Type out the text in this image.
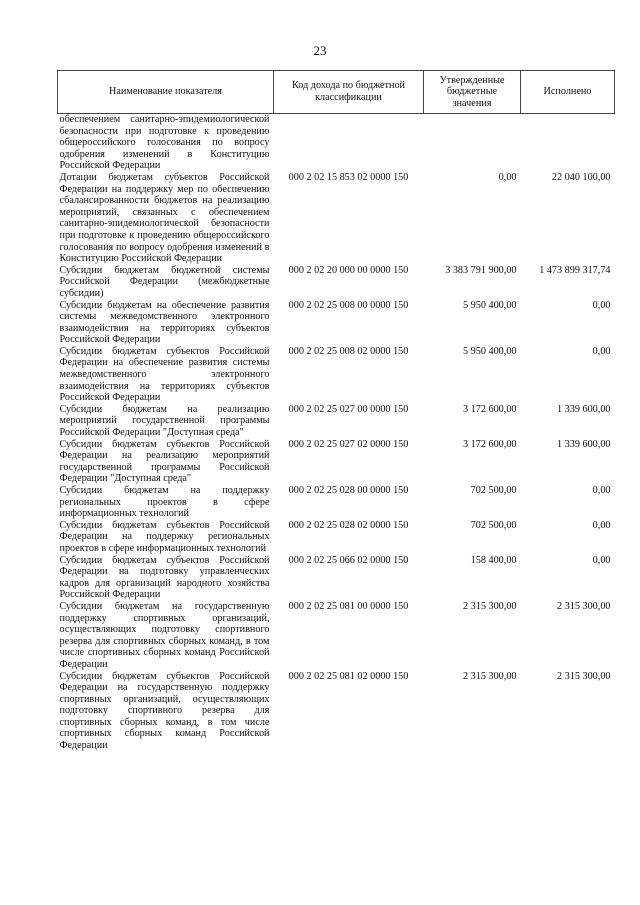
23
Наименование показателя	Код дохода по бюджетной классификации	Утвержденные бюджетные значения	Исполнено
обеспечением санитарно-эпидемиологической безопасности при подготовке к проведению общероссийского голосования по вопросу одобрения изменений в Конституцию Российской Федерации			
Дотации бюджетам субъектов Российской Федерации на поддержку мер по обеспечению сбалансированности бюджетов на реализацию мероприятий, связанных с обеспечением санитарно-эпидемиологической безопасности при подготовке к проведению общероссийского голосования по вопросу одобрения изменений в Конституцию Российской Федерации	000 2 02 15 853 02 0000 150	0,00	22 040 100,00
Субсидии бюджетам бюджетной системы Российской Федерации (межбюджетные субсидии)	000 2 02 20 000 00 0000 150	3 383 791 900,00	1 473 899 317,74
Субсидии бюджетам на обеспечение развития системы межведомственного электронного взаимодействия на территориях субъектов Российской Федерации	000 2 02 25 008 00 0000 150	5 950 400,00	0,00
Субсидии бюджетам субъектов Российской Федерации на обеспечение развития системы межведомственного электронного взаимодействия на территориях субъектов Российской Федерации	000 2 02 25 008 02 0000 150	5 950 400,00	0,00
Субсидии бюджетам на реализацию мероприятий государственной программы Российской Федерации "Доступная среда"	000 2 02 25 027 00 0000 150	3 172 600,00	1 339 600,00
Субсидии бюджетам субъектов Российской Федерации на реализацию мероприятий государственной программы Российской Федерации "Доступная среда"	000 2 02 25 027 02 0000 150	3 172 600,00	1 339 600,00
Субсидии бюджетам на поддержку региональных проектов в сфере информационных технологий	000 2 02 25 028 00 0000 150	702 500,00	0,00
Субсидии бюджетам субъектов Российской Федерации на поддержку региональных проектов в сфере информационных технологий	000 2 02 25 028 02 0000 150	702 500,00	0,00
Субсидии бюджетам субъектов Российской Федерации на подготовку управленческих кадров для организаций народного хозяйства Российской Федерации	000 2 02 25 066 02 0000 150	158 400,00	0,00
Субсидии бюджетам на государственную поддержку спортивных организаций, осуществляющих подготовку спортивного резерва для спортивных сборных команд, в том числе спортивных сборных команд Российской Федерации	000 2 02 25 081 00 0000 150	2 315 300,00	2 315 300,00
Субсидии бюджетам субъектов Российской Федерации на государственную поддержку спортивных организаций, осуществляющих подготовку спортивного резерва для спортивных сборных команд, в том числе спортивных сборных команд Российской Федерации	000 2 02 25 081 02 0000 150	2 315 300,00	2 315 300,00
